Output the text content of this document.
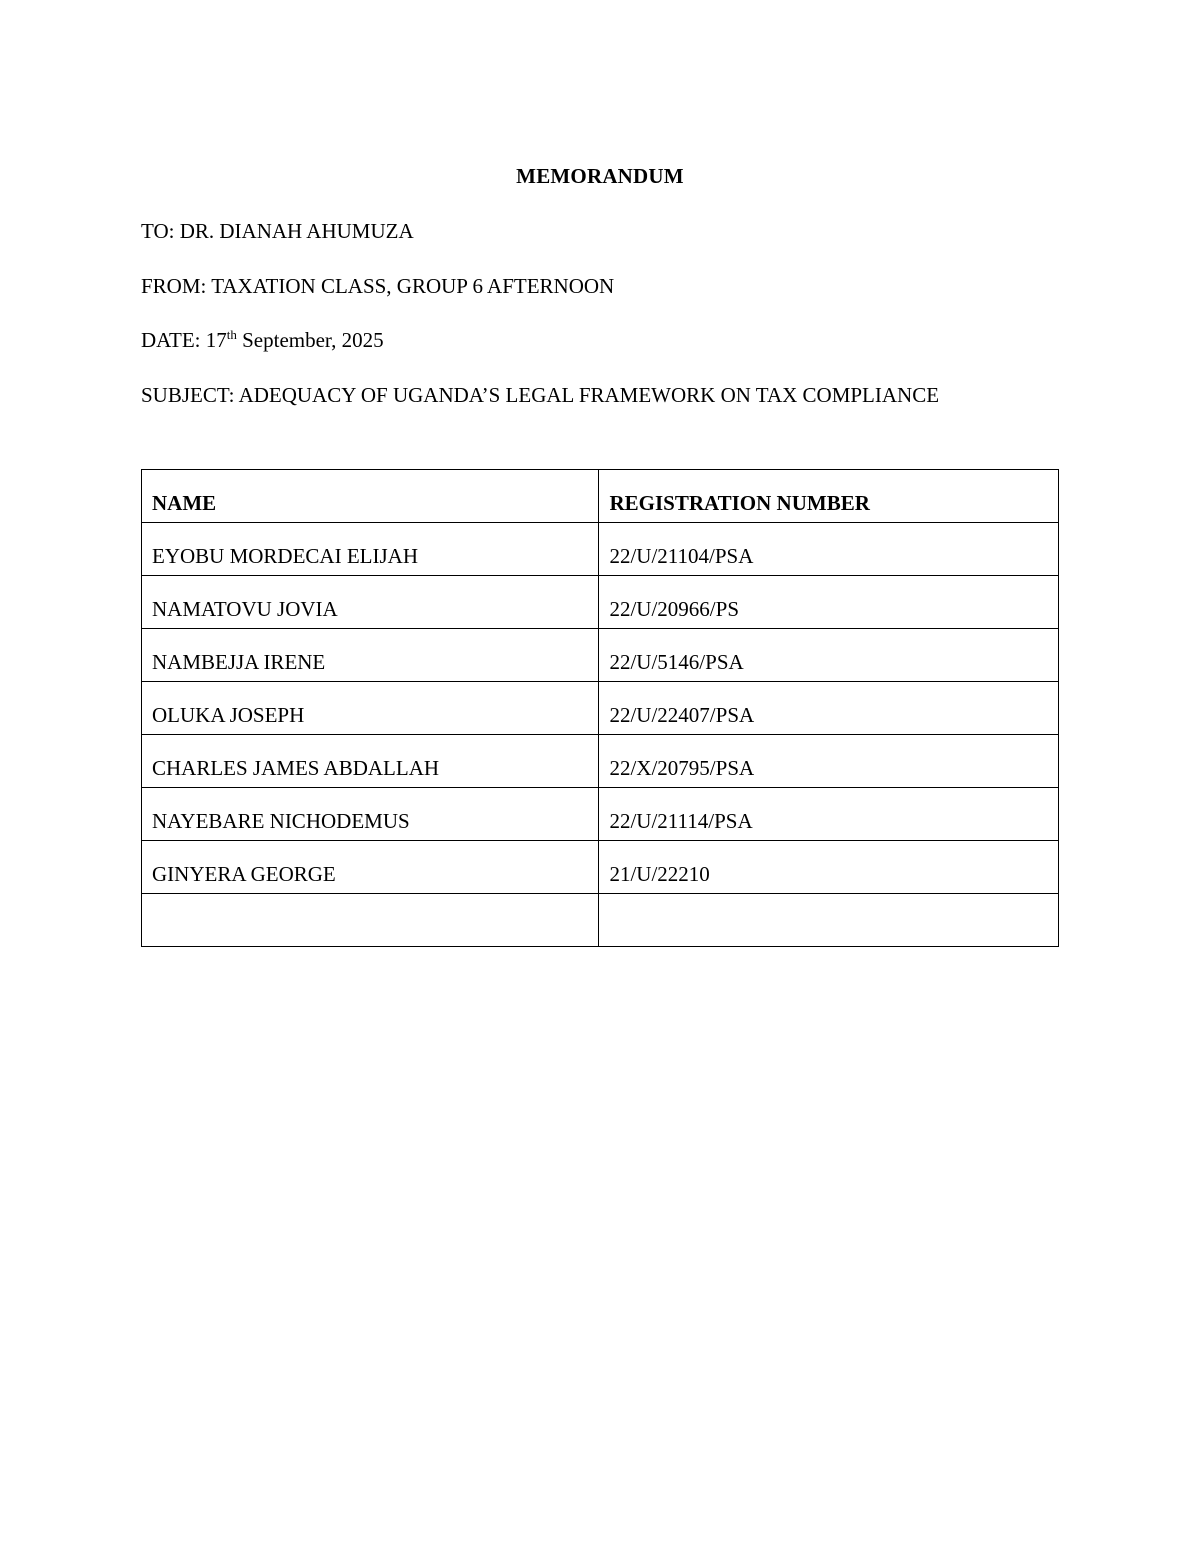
MEMORANDUM
TO: DR. DIANAH AHUMUZA
FROM: TAXATION CLASS, GROUP 6 AFTERNOON
DATE: 17th September, 2025
SUBJECT: ADEQUACY OF UGANDA’S LEGAL FRAMEWORK ON TAX COMPLIANCE
NAME	REGISTRATION NUMBER
EYOBU MORDECAI ELIJAH	22/U/21104/PSA
NAMATOVU JOVIA	22/U/20966/PS
NAMBEJJA IRENE	22/U/5146/PSA
OLUKA JOSEPH	22/U/22407/PSA
CHARLES JAMES ABDALLAH	22/X/20795/PSA
NAYEBARE NICHODEMUS	22/U/21114/PSA
GINYERA GEORGE	21/U/22210
